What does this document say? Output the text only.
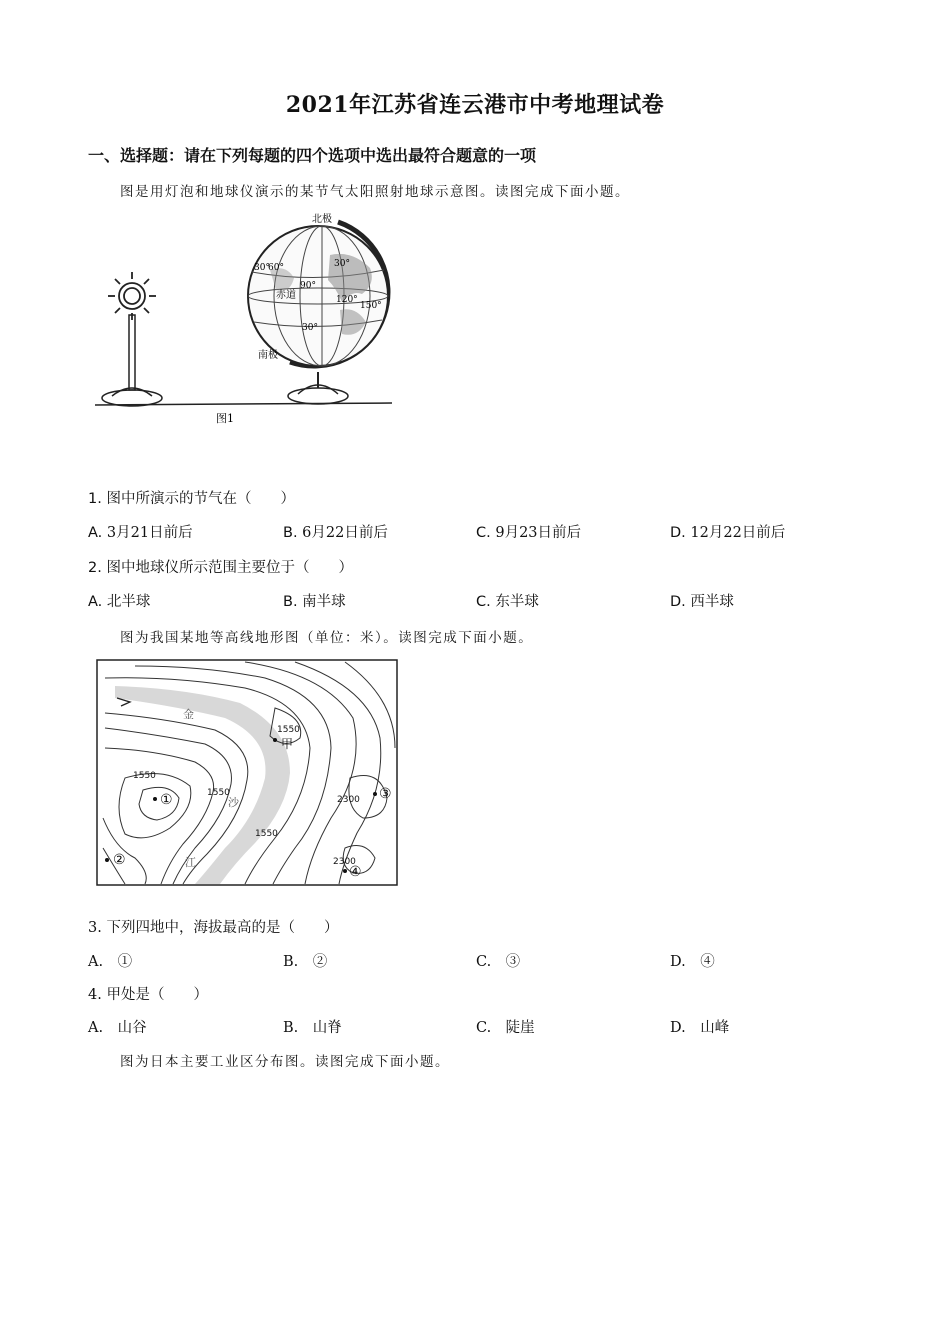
2021年江苏省连云港市中考地理试卷
一、选择题：请在下列每题的四个选项中选出最符合题意的一项
图是用灯泡和地球仪演示的某节气太阳照射地球示意图。读图完成下面小题。
北极
南极
赤道
30°
60°	30°
90°
120°
150°
30°
图1
1. 图中所演示的节气在（　　）
A. 3月21日前后	B. 6月22日前后	C. 9月23日前后	D. 12月22日前后
2. 图中地球仪所示范围主要位于（　　）
A. 北半球	B. 南半球	C. 东半球	D. 西半球
图为我国某地等高线地形图（单位：米）。读图完成下面小题。
1550
1550
1550
1550
2300
2300
甲
金
沙
江
①
②
③
④
3. 下列四地中，海拔最高的是（　　）
A.　①	B.　②	C.　③	D.　④
4. 甲处是（　　）
A.　山谷	B.　山脊	C.　陡崖	D.　山峰
图为日本主要工业区分布图。读图完成下面小题。
